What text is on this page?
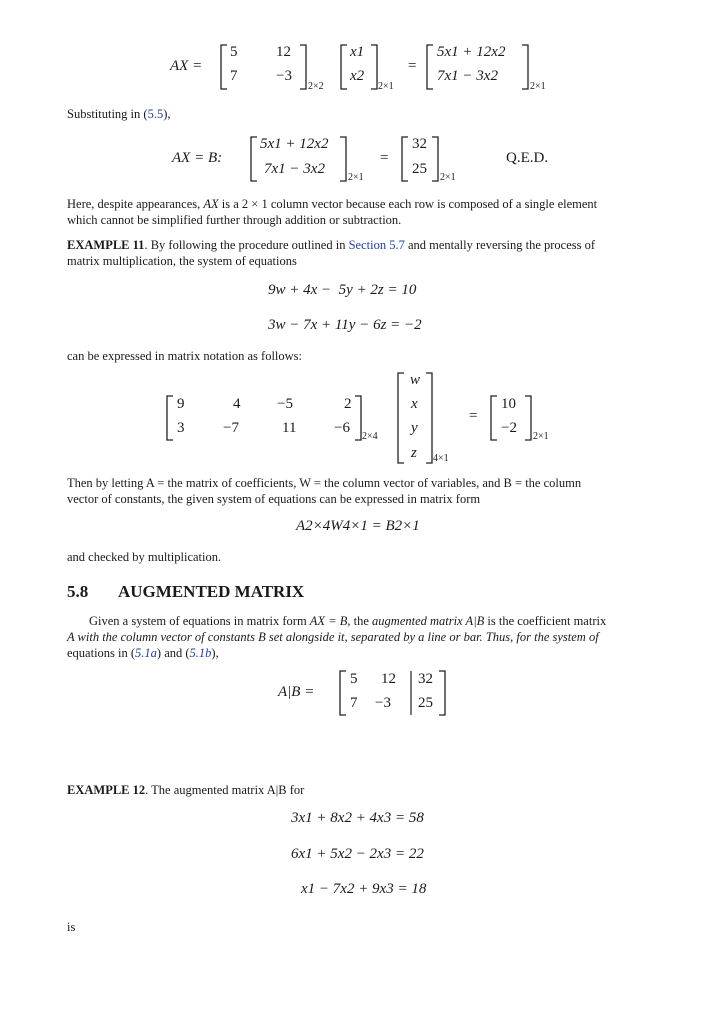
AX =
5	12
7	−3
2×2
x1
x2
2×1
=
5x1 + 12x2
7x1 − 3x2
2×1
Substituting in (5.5),
AX = B:
5x1 + 12x2
7x1 − 3x2
2×1
=
32
25
2×1
Q.E.D.
Here, despite appearances, AX is a 2 × 1 column vector because each row is composed of a single element
which cannot be simplified further through addition or subtraction.
EXAMPLE 11. By following the procedure outlined in Section 5.7 and mentally reversing the process of
matrix multiplication, the system of equations
9w + 4x −  5y + 2z = 10
3w − 7x + 11y − 6z = −2
can be expressed in matrix notation as follows:
9	4 −5	2
3	−7	11	−6
2×4
w
x
y
z 4×1
=
10
−2
2×1
Then by letting A = the matrix of coefficients, W = the column vector of variables, and B = the column
vector of constants, the given system of equations can be expressed in matrix form
A2×4W4×1 = B2×1
and checked by multiplication.
5.8 AUGMENTED MATRIX
Given a system of equations in matrix form AX = B, the augmented matrix A|B is the coefficient matrix
A with the column vector of constants B set alongside it, separated by a line or bar. Thus, for the system of
equations in (5.1a) and (5.1b),
A|B =
5 12 32
7 −3 25
EXAMPLE 12. The augmented matrix A|B for
3x1 + 8x2 + 4x3 = 58
6x1 + 5x2 − 2x3 = 22
x1 − 7x2 + 9x3 = 18
is
